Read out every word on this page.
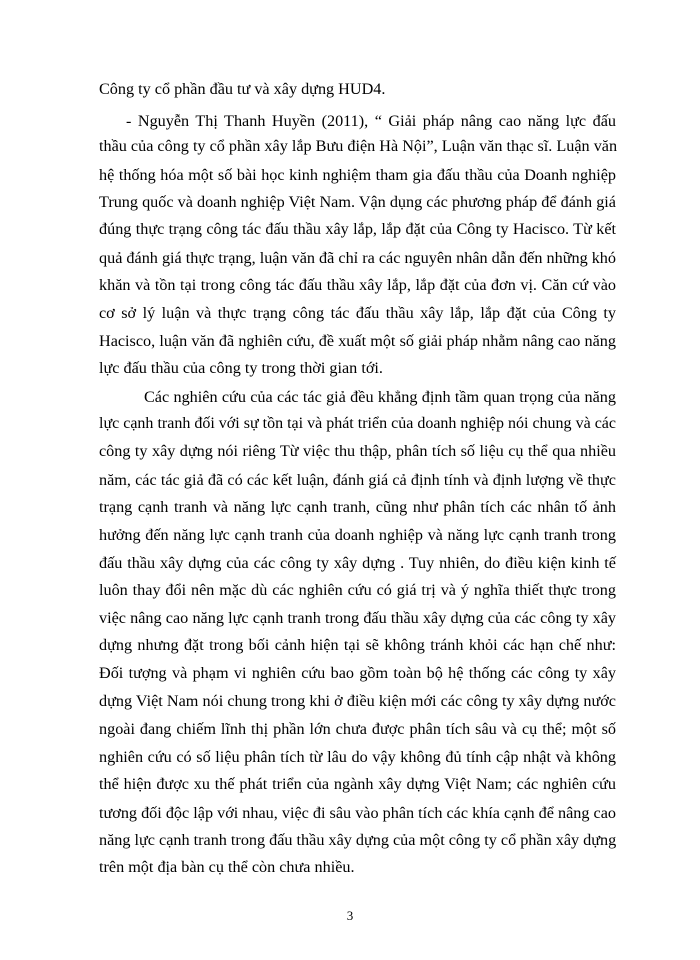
Công ty cổ phần đầu tư và xây dựng HUD4.
- Nguyễn Thị Thanh Huyền (2011), “ Giải pháp nâng cao năng lực đấu
thầu của công ty cổ phần xây lắp Bưu điện Hà Nội”, Luận văn thạc sĩ. Luận văn
hệ thống hóa một số bài học kinh nghiệm tham gia đấu thầu của Doanh nghiệp
Trung quốc và doanh nghiệp Việt Nam. Vận dụng các phương pháp để đánh giá
đúng thực trạng công tác đấu thầu xây lắp, lắp đặt của Công ty Hacisco. Từ kết
quả đánh giá thực trạng, luận văn đã chỉ ra các nguyên nhân dẫn đến những khó
khăn và tồn tại trong công tác đấu thầu xây lắp, lắp đặt của đơn vị. Căn cứ vào
cơ sở lý luận và thực trạng công tác đấu thầu xây lắp, lắp đặt của Công ty
Hacisco, luận văn đã nghiên cứu, đề xuất một số giải pháp nhằm nâng cao năng
lực đấu thầu của công ty trong thời gian tới.
Các nghiên cứu của các tác giả đều khẳng định tầm quan trọng của năng
lực cạnh tranh đối với sự tồn tại và phát triển của doanh nghiệp nói chung và các
công ty xây dựng nói riêng Từ việc thu thập, phân tích số liệu cụ thể qua nhiều
năm, các tác giả đã có các kết luận, đánh giá cả định tính và định lượng về thực
trạng cạnh tranh và năng lực cạnh tranh, cũng như phân tích các nhân tố ảnh
hưởng đến năng lực cạnh tranh của doanh nghiệp và năng lực cạnh tranh trong
đấu thầu xây dựng của các công ty xây dựng . Tuy nhiên, do điều kiện kinh tế
luôn thay đổi nên mặc dù các nghiên cứu có giá trị và ý nghĩa thiết thực trong
việc nâng cao năng lực cạnh tranh trong đấu thầu xây dựng của các công ty xây
dựng nhưng đặt trong bối cảnh hiện tại sẽ không tránh khỏi các hạn chế như:
Đối tượng và phạm vi nghiên cứu bao gồm toàn bộ hệ thống các công ty xây
dựng Việt Nam nói chung trong khi ở điều kiện mới các công ty xây dựng nước
ngoài đang chiếm lĩnh thị phần lớn chưa được phân tích sâu và cụ thể; một số
nghiên cứu có số liệu phân tích từ lâu do vậy không đủ tính cập nhật và không
thể hiện được xu thế phát triển của ngành xây dựng Việt Nam; các nghiên cứu
tương đối độc lập với nhau, việc đi sâu vào phân tích các khía cạnh để nâng cao
năng lực cạnh tranh trong đấu thầu xây dựng của một công ty cổ phần xây dựng
trên một địa bàn cụ thể còn chưa nhiều.
3
